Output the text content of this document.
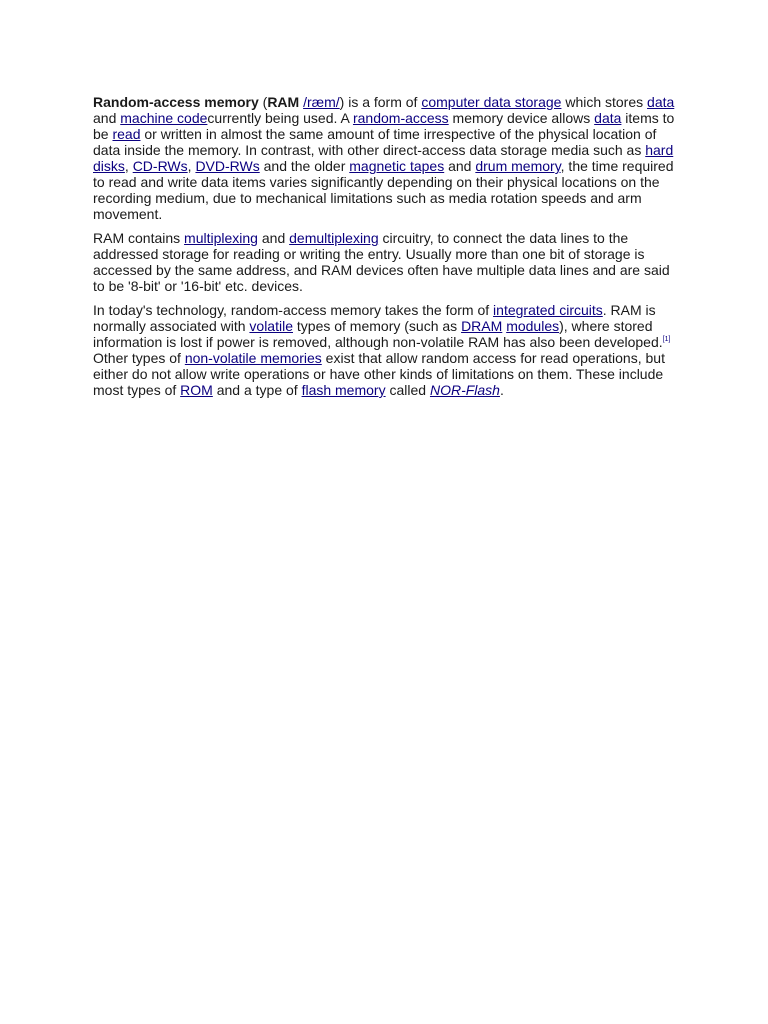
Random-access memory (RAM /ræm/) is a form of computer data storage which stores data and machine codecurrently being used. A random-access memory device allows data items to be read or written in almost the same amount of time irrespective of the physical location of data inside the memory. In contrast, with other direct-access data storage media such as hard disks, CD-RWs, DVD-RWs and the older magnetic tapes and drum memory, the time required to read and write data items varies significantly depending on their physical locations on the recording medium, due to mechanical limitations such as media rotation speeds and arm movement.

RAM contains multiplexing and demultiplexing circuitry, to connect the data lines to the addressed storage for reading or writing the entry. Usually more than one bit of storage is accessed by the same address, and RAM devices often have multiple data lines and are said to be '8-bit' or '16-bit' etc. devices.

In today's technology, random-access memory takes the form of integrated circuits. RAM is normally associated with volatile types of memory (such as DRAM modules), where stored information is lost if power is removed, although non-volatile RAM has also been developed.[1] Other types of non-volatile memories exist that allow random access for read operations, but either do not allow write operations or have other kinds of limitations on them. These include most types of ROM and a type of flash memory called NOR-Flash.
